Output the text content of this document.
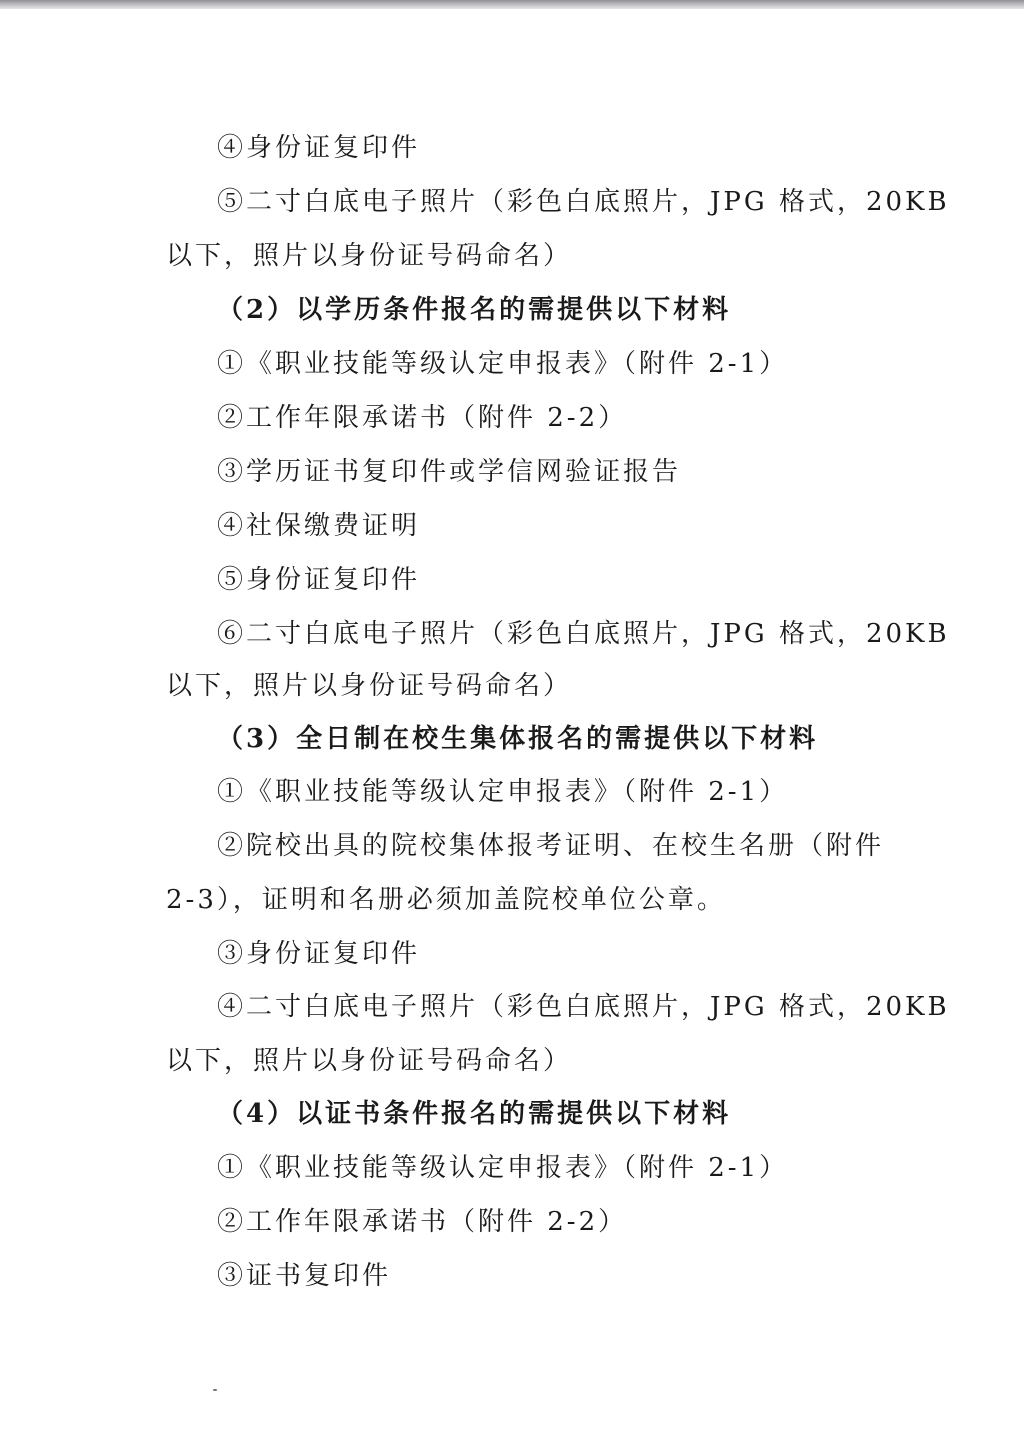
④身份证复印件
⑤二寸白底电子照片（彩色白底照片，JPG 格式，20KB
以下，照片以身份证号码命名）
（2）以学历条件报名的需提供以下材料
①《职业技能等级认定申报表》（附件 2-1）
②工作年限承诺书（附件 2-2）
③学历证书复印件或学信网验证报告
④社保缴费证明
⑤身份证复印件
⑥二寸白底电子照片（彩色白底照片，JPG 格式，20KB
以下，照片以身份证号码命名）
（3）全日制在校生集体报名的需提供以下材料
①《职业技能等级认定申报表》（附件 2-1）
②院校出具的院校集体报考证明、在校生名册（附件
2-3），证明和名册必须加盖院校单位公章。
③身份证复印件
④二寸白底电子照片（彩色白底照片，JPG 格式，20KB
以下，照片以身份证号码命名）
（4）以证书条件报名的需提供以下材料
①《职业技能等级认定申报表》（附件 2-1）
②工作年限承诺书（附件 2-2）
③证书复印件
